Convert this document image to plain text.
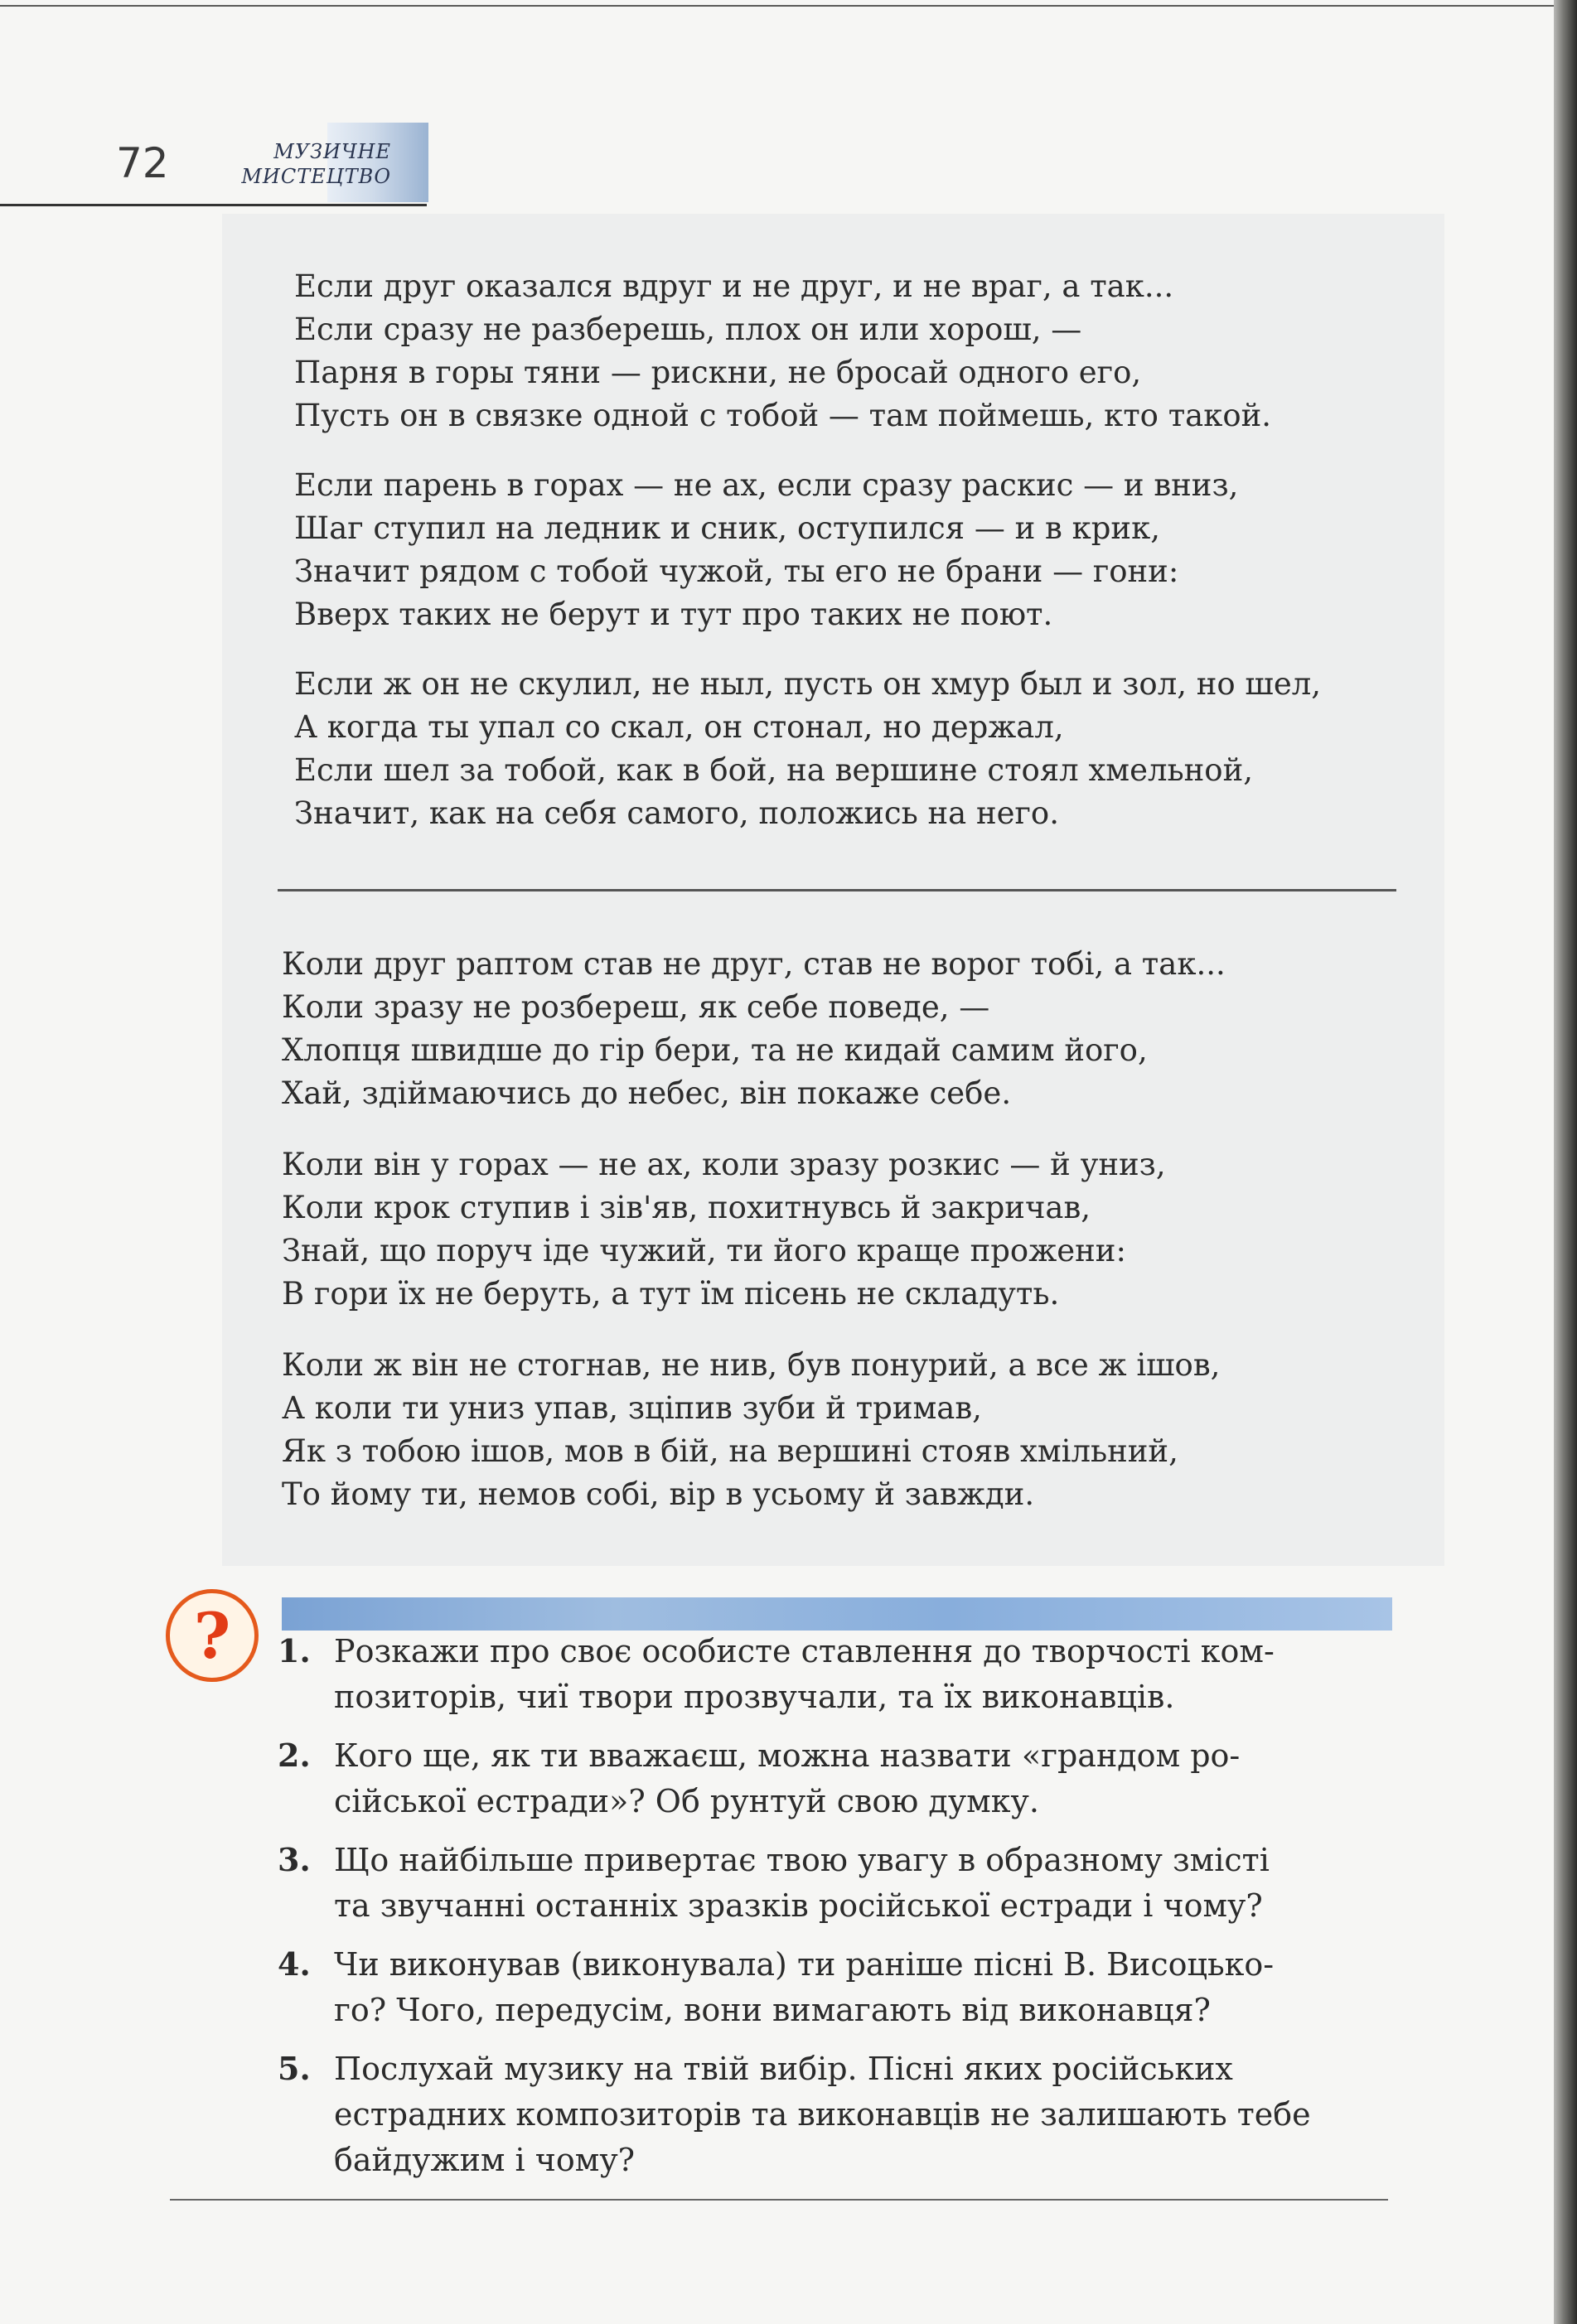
72	МУЗИЧНЕ
МИСТЕЦТВО
Если друг оказался вдруг и не друг, и не враг, а так...
Если сразу не разберешь, плох он или хорош, —
Парня в горы тяни — рискни, не бросай одного его,
Пусть он в связке одной с тобой — там поймешь, кто такой.
Если парень в горах — не ах, если сразу раскис — и вниз,
Шаг ступил на ледник и сник, оступился — и в крик,
Значит рядом с тобой чужой, ты его не брани — гони:
Вверх таких не берут и тут про таких не поют.
Если ж он не скулил, не ныл, пусть он хмур был и зол, но шел,
А когда ты упал со скал, он стонал, но держал,
Если шел за тобой, как в бой, на вершине стоял хмельной,
Значит, как на себя самого, положись на него.
Коли друг раптом став не друг, став не ворог тобі, а так...
Коли зразу не розбереш, як себе поведе, —
Хлопця швидше до гір бери, та не кидай самим його,
Хай, здіймаючись до небес, він покаже себе.
Коли він у горах — не ах, коли зразу розкис — й униз,
Коли крок ступив і зів'яв, похитнувсь й закричав,
Знай, що поруч іде чужий, ти його краще прожени:
В гори їх не беруть, а тут їм пісень не складуть.
Коли ж він не стогнав, не нив, був понурий, а все ж ішов,
А коли ти униз упав, зціпив зуби й тримав,
Як з тобою ішов, мов в бій, на вершині стояв хмільний,
То йому ти, немов собі, вір в усьому й завжди.
?	1. Розкажи про своє особисте ставлення до творчості ком-
позиторів, чиї твори прозвучали, та їх виконавців.
2. Кого ще, як ти вважаєш, можна назвати «грандом ро-
сійської естради»? Об рунтуй свою думку.
3. Що найбільше привертає твою увагу в образному змісті
та звучанні останніх зразків російської естради і чому?
4. Чи виконував (виконувала) ти раніше пісні В. Висоцько-
го? Чого, передусім, вони вимагають від виконавця?
5. Послухай музику на твій вибір. Пісні яких російських
естрадних композиторів та виконавців не залишають тебе
байдужим і чому?
